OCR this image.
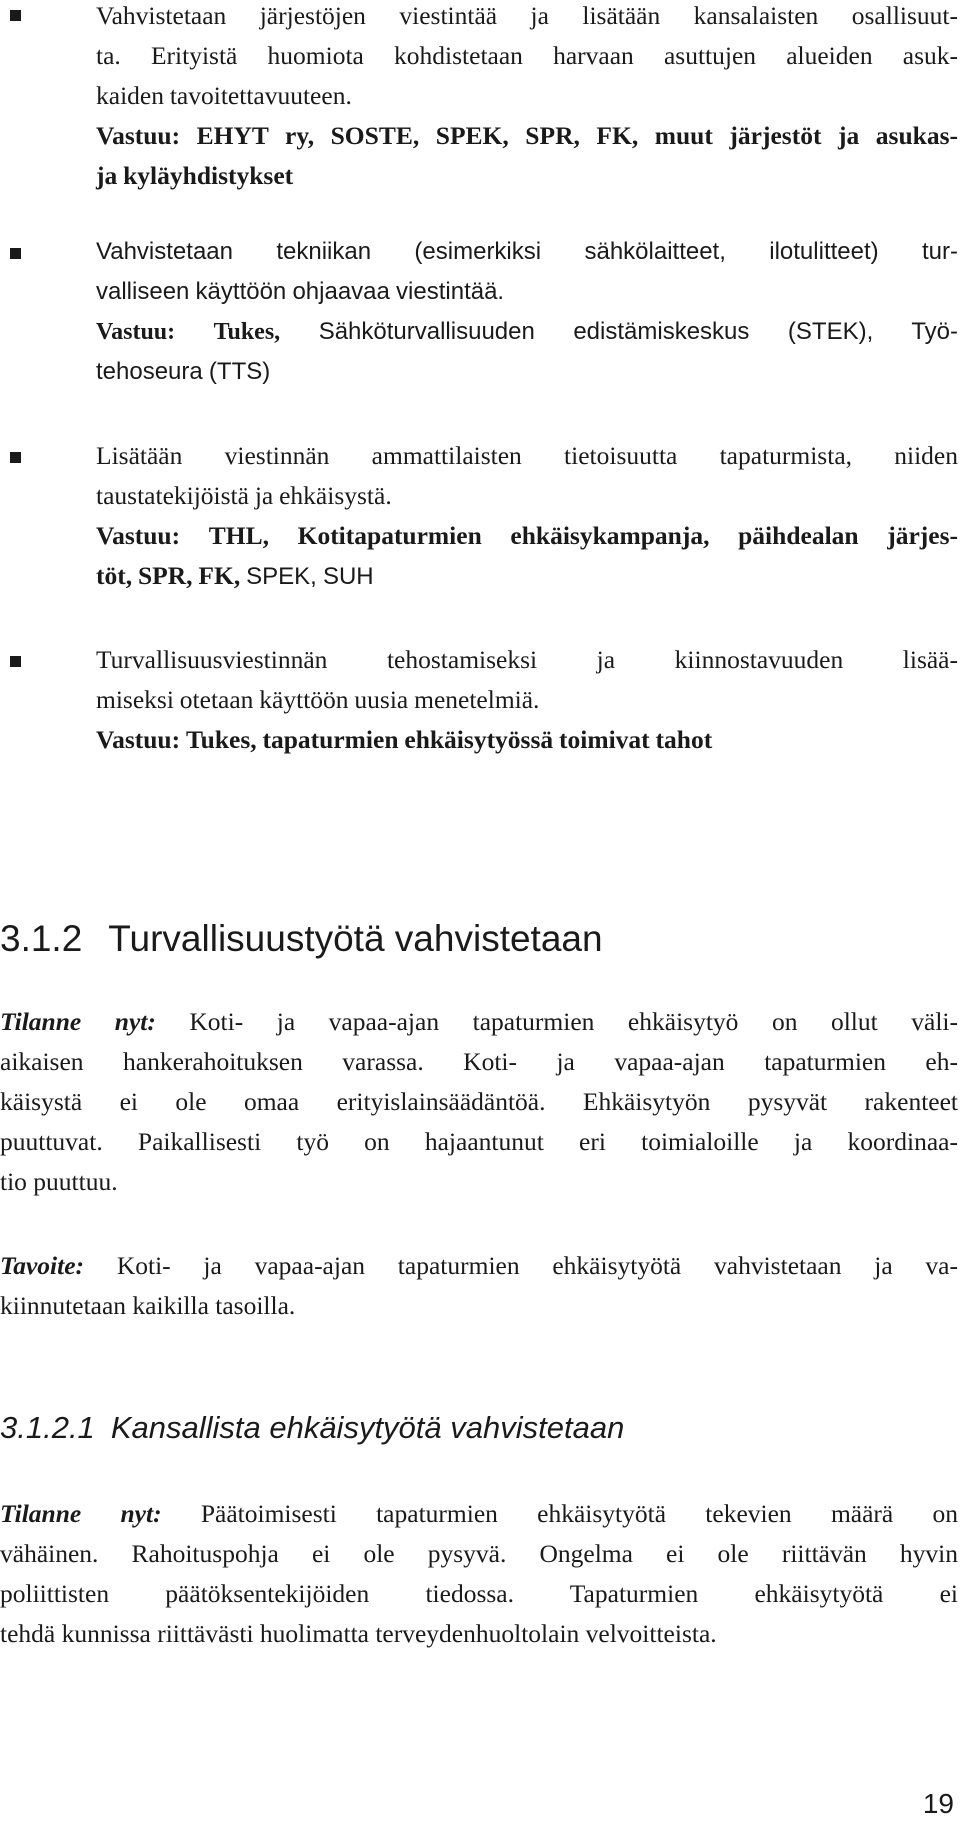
Vahvistetaan järjestöjen viestintää ja lisätään kansalaisten osallisuut-
ta. Erityistä huomiota kohdistetaan harvaan asuttujen alueiden asuk-
kaiden tavoitettavuuteen.
Vastuu: EHYT ry, SOSTE, SPEK, SPR, FK, muut järjestöt ja asukas-
ja kyläyhdistykset
Vahvistetaan tekniikan (esimerkiksi sähkölaitteet, ilotulitteet) tur-
valliseen käyttöön ohjaavaa viestintää.
Vastuu: Tukes, Sähköturvallisuuden edistämiskeskus (STEK), Työ-
tehoseura (TTS)
Lisätään viestinnän ammattilaisten tietoisuutta tapaturmista, niiden
taustatekijöistä ja ehkäisystä.
Vastuu: THL, Kotitapaturmien ehkäisykampanja, päihdealan järjes-
töt, SPR, FK, SPEK, SUH
Turvallisuusviestinnän tehostamiseksi ja kiinnostavuuden lisää-
miseksi otetaan käyttöön uusia menetelmiä.
Vastuu: Tukes, tapaturmien ehkäisytyössä toimivat tahot
3.1.2 Turvallisuustyötä vahvistetaan
Tilanne nyt: Koti- ja vapaa-ajan tapaturmien ehkäisytyö on ollut väli-
aikaisen hankerahoituksen varassa. Koti- ja vapaa-ajan tapaturmien eh-
käisystä ei ole omaa erityislainsäädäntöä. Ehkäisytyön pysyvät rakenteet
puuttuvat. Paikallisesti työ on hajaantunut eri toimialoille ja koordinaa-
tio puuttuu.
Tavoite: Koti- ja vapaa-ajan tapaturmien ehkäisytyötä vahvistetaan ja va-
kiinnutetaan kaikilla tasoilla.
3.1.2.1 Kansallista ehkäisytyötä vahvistetaan
Tilanne nyt: Päätoimisesti tapaturmien ehkäisytyötä tekevien määrä on
vähäinen. Rahoituspohja ei ole pysyvä. Ongelma ei ole riittävän hyvin
poliittisten päätöksentekijöiden tiedossa. Tapaturmien ehkäisytyötä ei
tehdä kunnissa riittävästi huolimatta terveydenhuoltolain velvoitteista.
19
